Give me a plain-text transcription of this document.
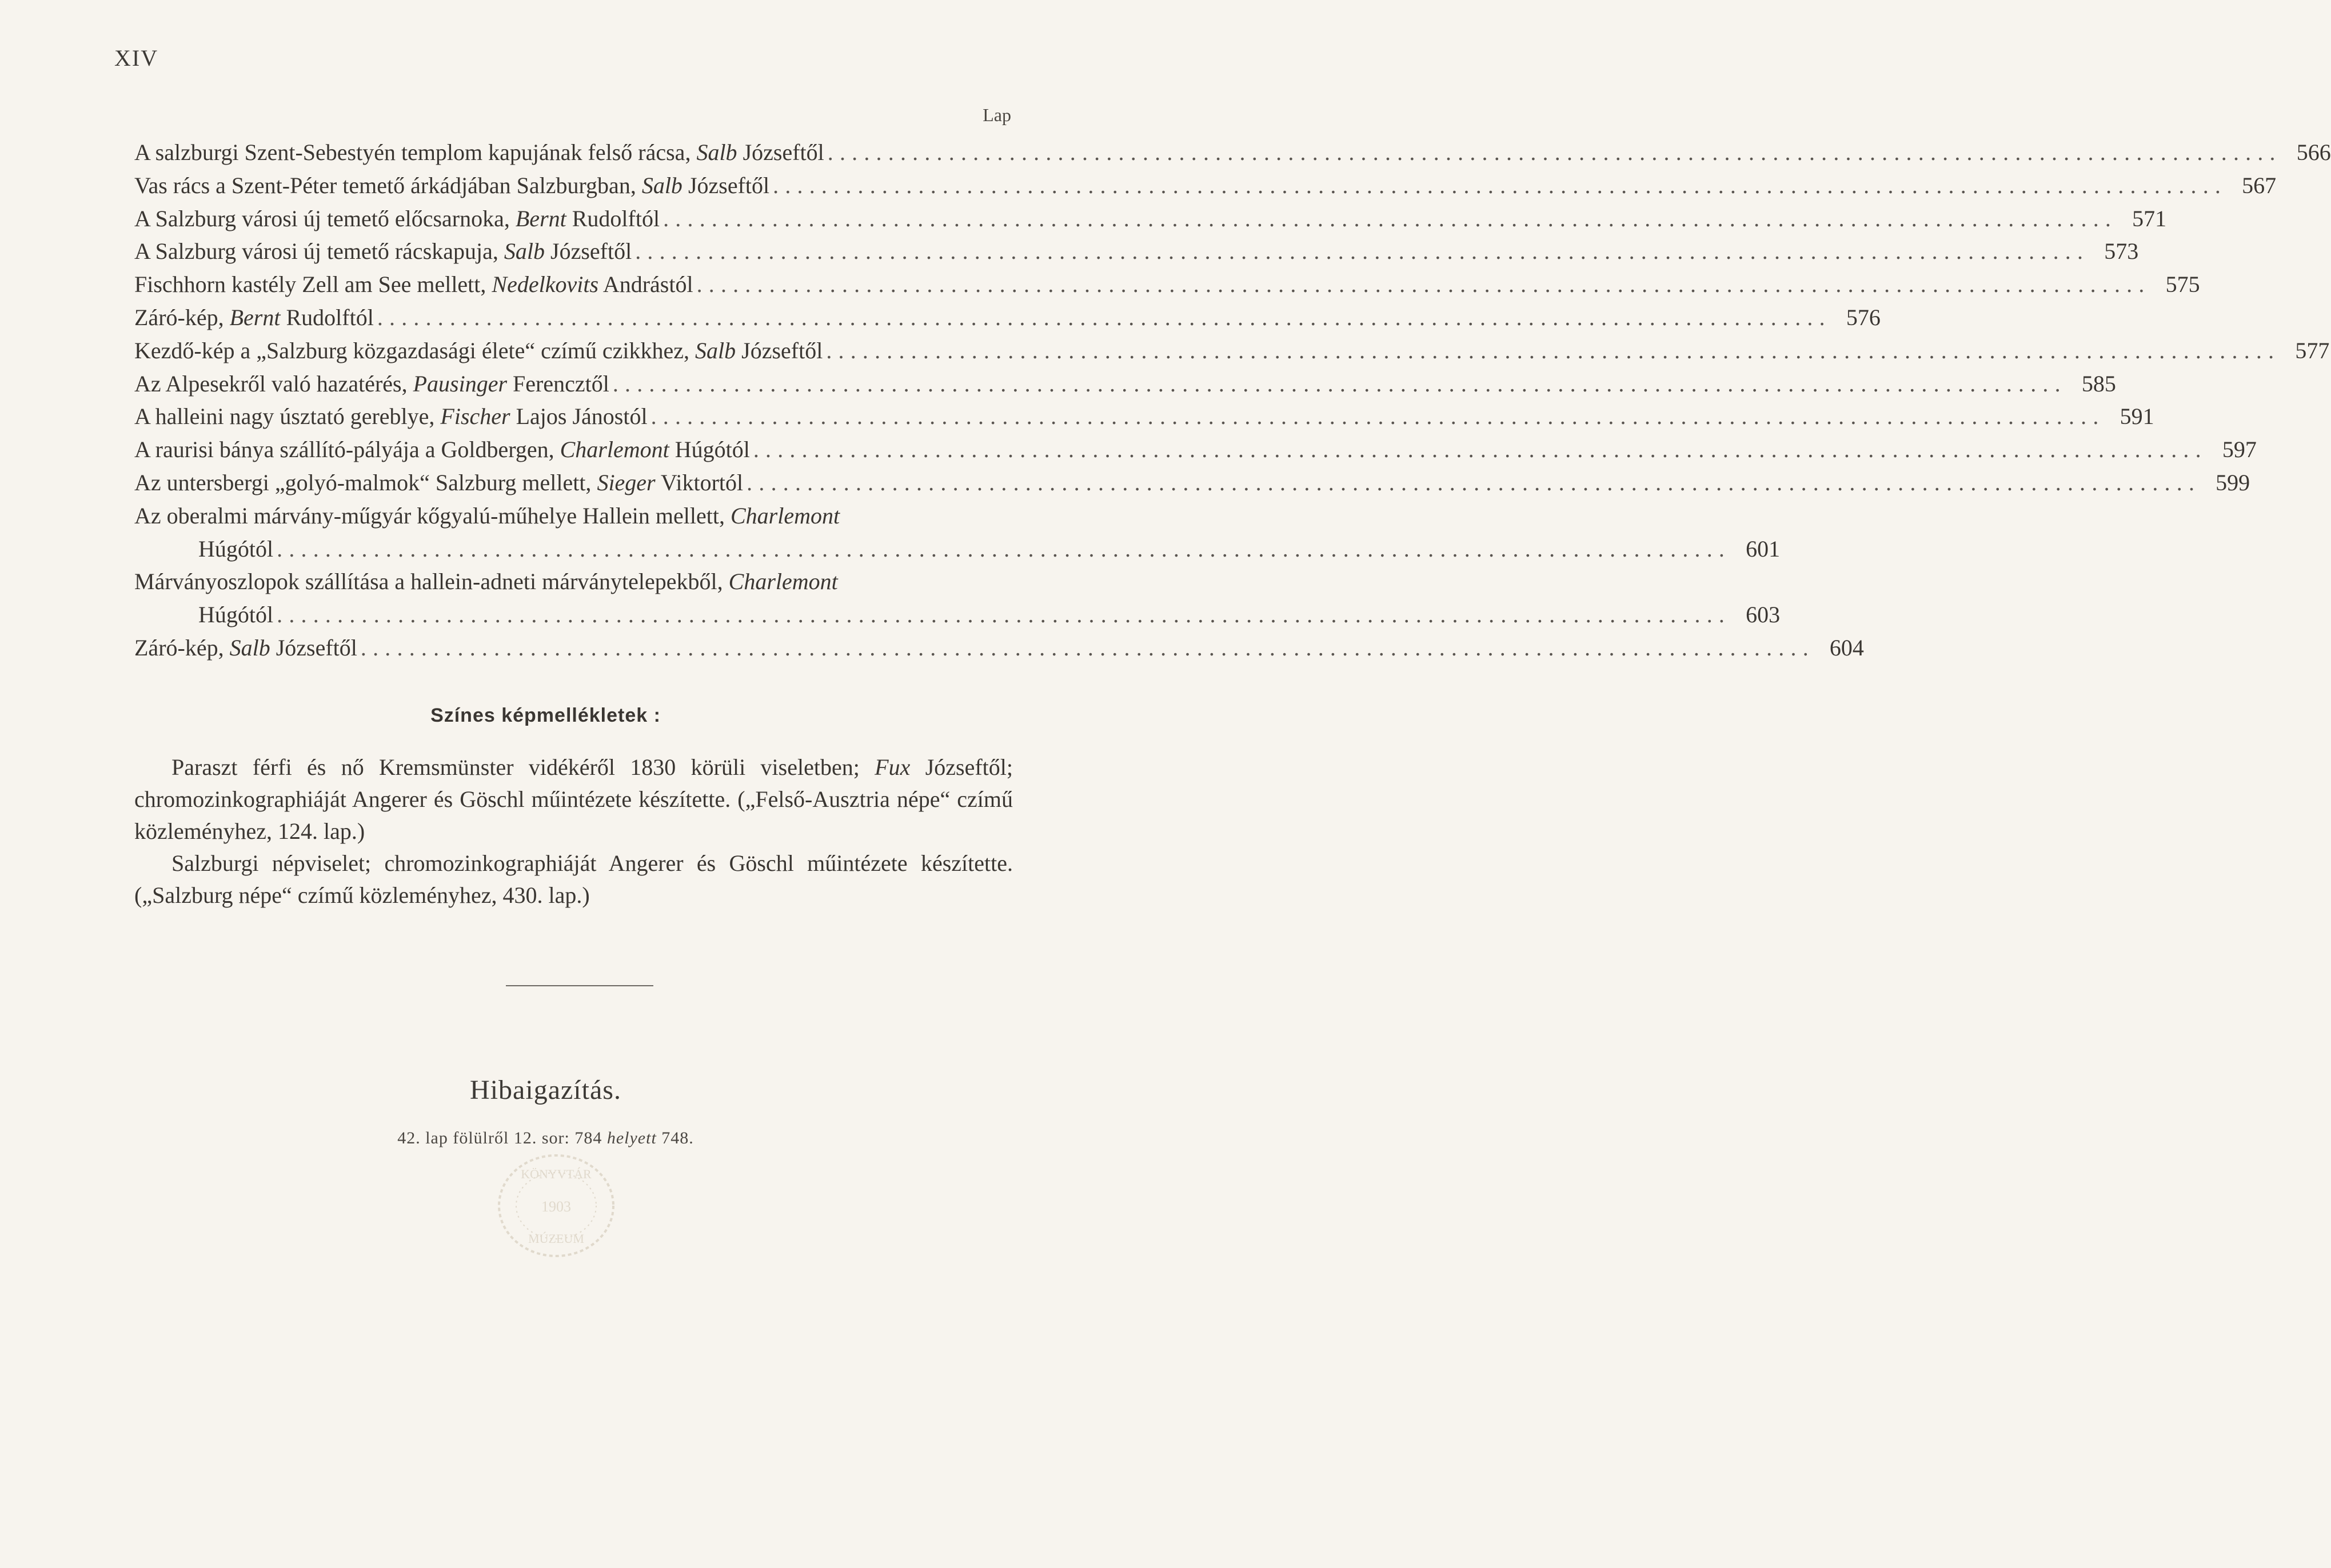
XIV
Lap
A salzburgi Szent-Sebestyén templom kapujának felső rácsa, Salb Józseftől ........................................................................................................................ 566
Vas rács a Szent-Péter temető árkádjában Salzburgban, Salb Józseftől ........................................................................................................................ 567
A Salzburg városi új temető előcsarnoka, Bernt Rudolftól ........................................................................................................................ 571
A Salzburg városi új temető rácskapuja, Salb Józseftől ........................................................................................................................ 573
Fischhorn kastély Zell am See mellett, Nedelkovits Andrástól ........................................................................................................................ 575
Záró-kép, Bernt Rudolftól ........................................................................................................................ 576
Kezdő-kép a „Salzburg közgazdasági élete“ czímű czikkhez, Salb Józseftől ........................................................................................................................ 577
Az Alpesekről való hazatérés, Pausinger Ferencztől ........................................................................................................................ 585
A halleini nagy úsztató gereblye, Fischer Lajos Jánostól ........................................................................................................................ 591
A raurisi bánya szállító-pályája a Goldbergen, Charlemont Húgótól ........................................................................................................................ 597
Az untersbergi „golyó-malmok“ Salzburg mellett, Sieger Viktortól ........................................................................................................................ 599
Az oberalmi márvány-műgyár kőgyalú-műhelye Hallein mellett, Charlemont
Húgótól ........................................................................................................................ 601
Márványoszlopok szállítása a hallein-adneti márványtelepekből, Charlemont
Húgótól ........................................................................................................................ 603
Záró-kép, Salb Józseftől ........................................................................................................................ 604
Színes képmellékletek :

Paraszt férfi és nő Kremsmünster vidékéről 1830 körüli viseletben; Fux Józseftől; chromozinkographiáját Angerer és Göschl műintézete készítette. („Felső-Ausztria népe“ czímű közleményhez, 124. lap.)

Salzburgi népviselet; chromozinkographiáját Angerer és Göschl műintézete készítette. („Salzburg népe“ czímű közleményhez, 430. lap.)

Hibaigazítás.
42. lap fölülről 12. sor: 784 helyett 748.
KÖNYVTÁR
1903
MÚZEUM
